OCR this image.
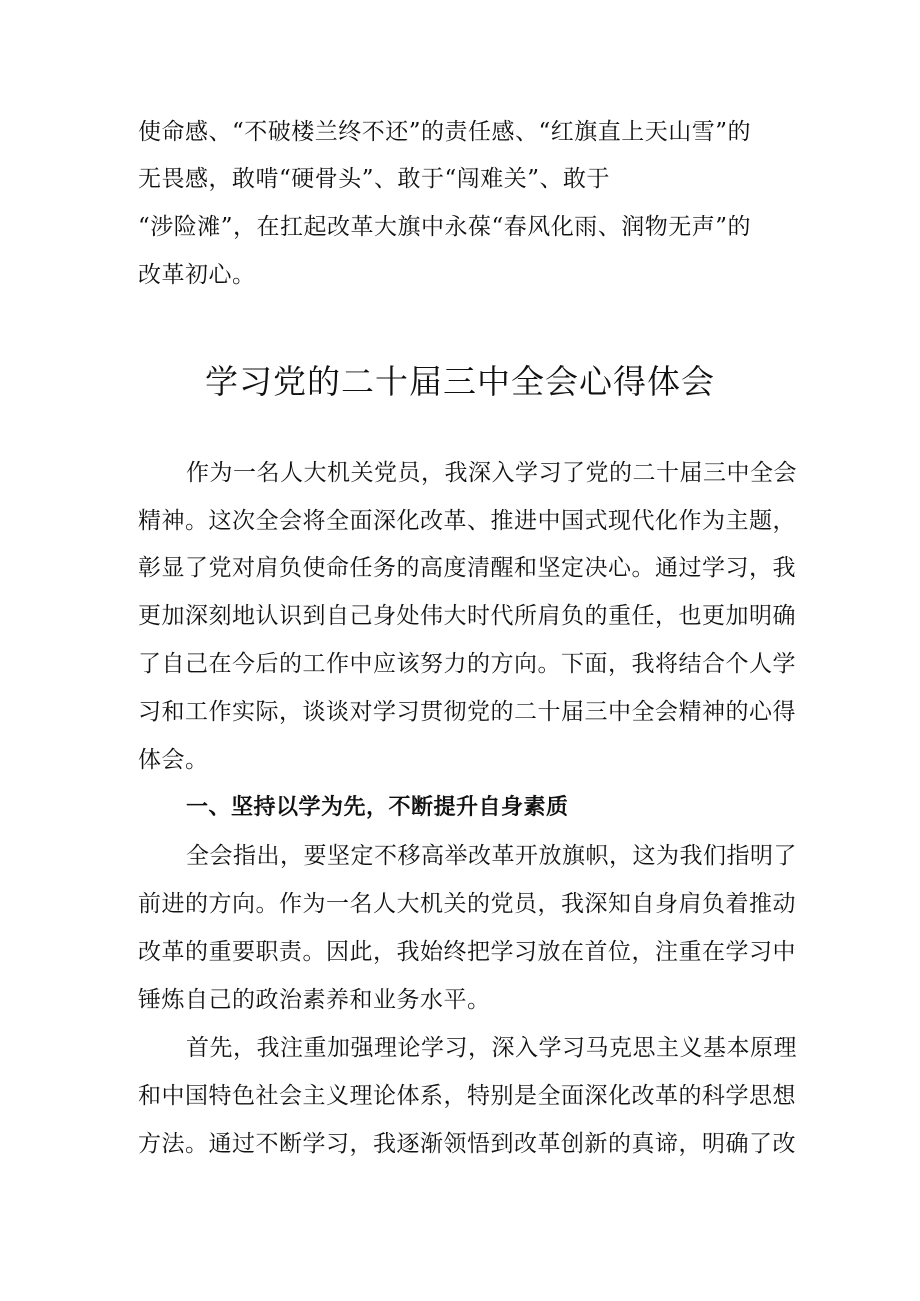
使命感、“不破楼兰终不还”的责任感、“红旗直上天山雪”的
无畏感，敢啃“硬骨头”、敢于“闯难关”、敢于
“涉险滩”，在扛起改革大旗中永葆“春风化雨、润物无声”的
改革初心。
学习党的二十届三中全会心得体会
作为一名人大机关党员，我深入学习了党的二十届三中全会
精神。这次全会将全面深化改革、推进中国式现代化作为主题，
彰显了党对肩负使命任务的高度清醒和坚定决心。通过学习，我
更加深刻地认识到自己身处伟大时代所肩负的重任，也更加明确
了自己在今后的工作中应该努力的方向。下面，我将结合个人学
习和工作实际，谈谈对学习贯彻党的二十届三中全会精神的心得
体会。
一、坚持以学为先，不断提升自身素质
全会指出，要坚定不移高举改革开放旗帜，这为我们指明了
前进的方向。作为一名人大机关的党员，我深知自身肩负着推动
改革的重要职责。因此，我始终把学习放在首位，注重在学习中
锤炼自己的政治素养和业务水平。
首先，我注重加强理论学习，深入学习马克思主义基本原理
和中国特色社会主义理论体系，特别是全面深化改革的科学思想
方法。通过不断学习，我逐渐领悟到改革创新的真谛，明确了改
